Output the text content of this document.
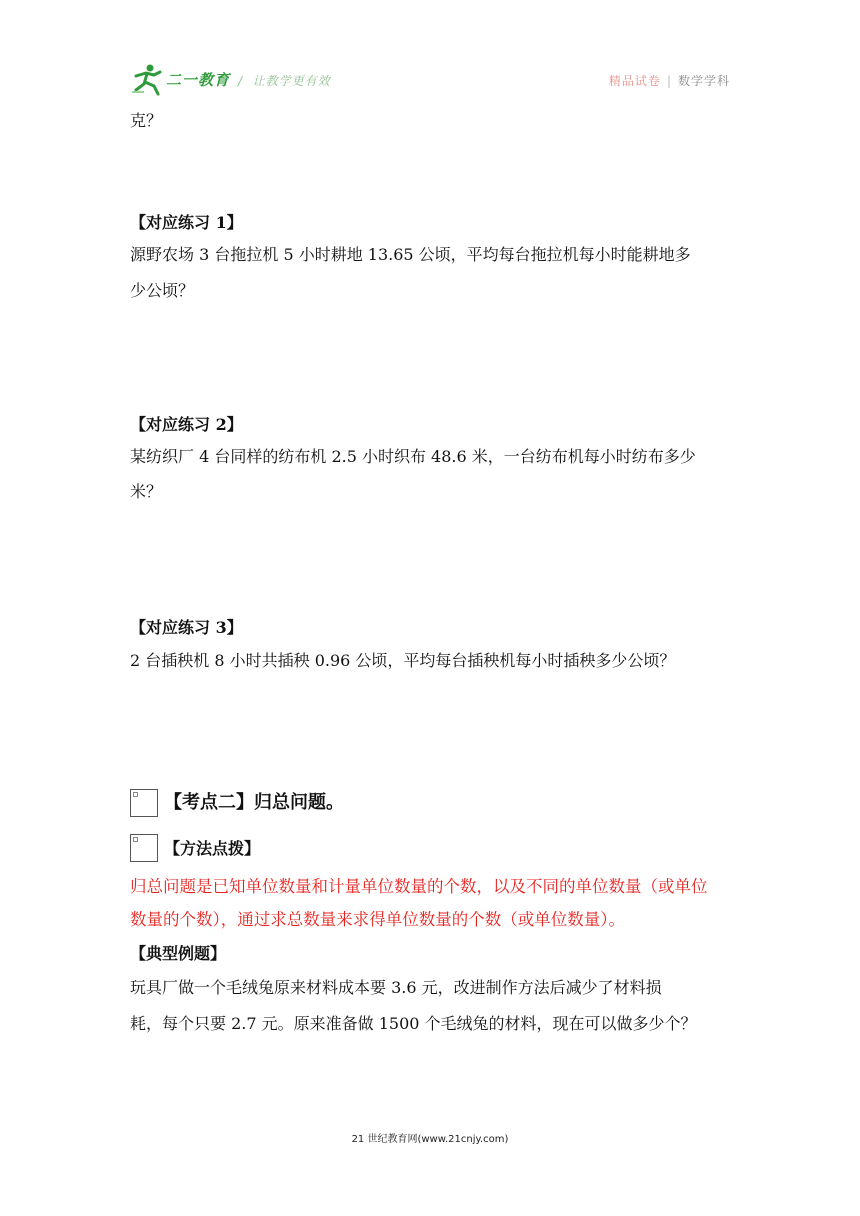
二一教育 /  让教学更有效	精品试卷 | 数学学科
克？
【对应练习 1】
源野农场 3 台拖拉机 5 小时耕地 13.65 公顷，平均每台拖拉机每小时能耕地多
少公顷？
【对应练习 2】
某纺织厂 4 台同样的纺布机 2.5 小时织布 48.6 米，一台纺布机每小时纺布多少
米？
【对应练习 3】
2 台插秧机 8 小时共插秧 0.96 公顷，平均每台插秧机每小时插秧多少公顷？
【考点二】归总问题。
【方法点拨】
归总问题是已知单位数量和计量单位数量的个数，以及不同的单位数量（或单位
数量的个数），通过求总数量来求得单位数量的个数（或单位数量）。
【典型例题】
玩具厂做一个毛绒兔原来材料成本要 3.6 元，改进制作方法后减少了材料损
耗，每个只要 2.7 元。原来准备做 1500 个毛绒兔的材料，现在可以做多少个？
21 世纪教育网(www.21cnjy.com)
